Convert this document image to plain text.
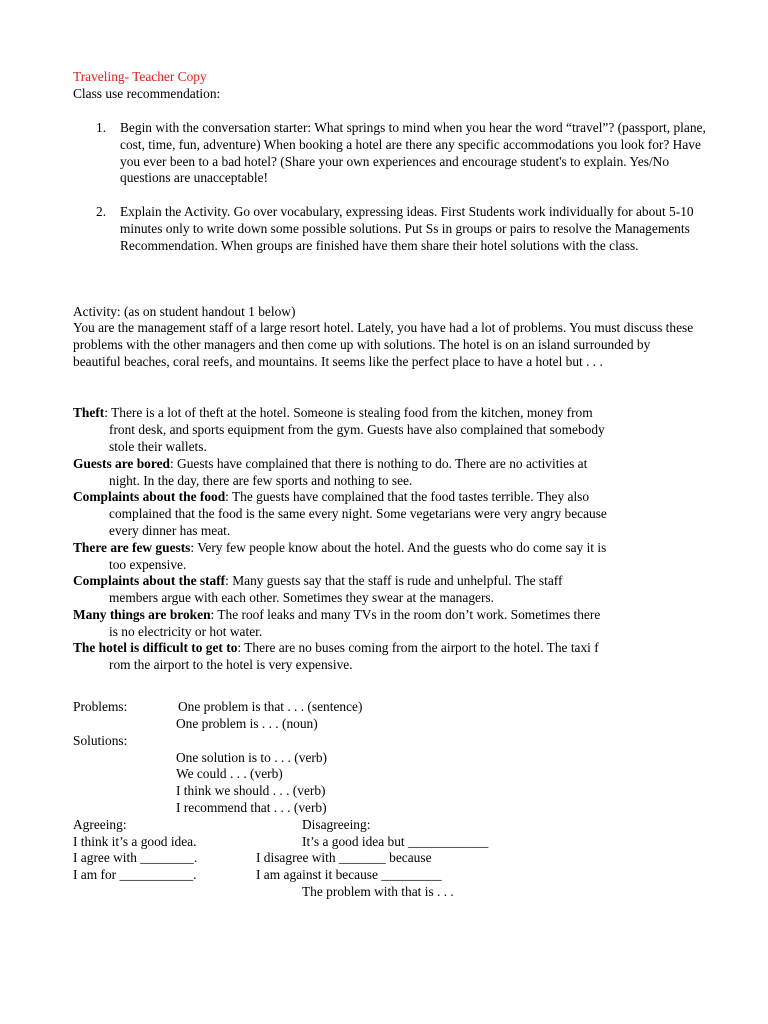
Traveling- Teacher Copy
Class use recommendation:
1. Begin with the conversation starter: What springs to mind when you hear the word “travel”? (passport, plane, cost, time, fun, adventure) When booking a hotel are there any specific accommodations you look for? Have you ever been to a bad hotel? (Share your own experiences and encourage student's to explain. Yes/No questions are unacceptable!
2. Explain the Activity. Go over vocabulary, expressing ideas. First Students work individually for about 5-10 minutes only to write down some possible solutions. Put Ss in groups or pairs to resolve the Managements Recommendation. When groups are finished have them share their hotel solutions with the class.
Activity: (as on student handout 1 below)
You are the management staff of a large resort hotel. Lately, you have had a lot of problems. You must discuss these problems with the other managers and then come up with solutions. The hotel is on an island surrounded by beautiful beaches, coral reefs, and mountains. It seems like the perfect place to have a hotel but . . .
Theft: There is a lot of theft at the hotel. Someone is stealing food from the kitchen, money from
front desk, and sports equipment from the gym. Guests have also complained that somebody
stole their wallets.
Guests are bored: Guests have complained that there is nothing to do. There are no activities at
night. In the day, there are few sports and nothing to see.
Complaints about the food: The guests have complained that the food tastes terrible. They also
complained that the food is the same every night. Some vegetarians were very angry because
every dinner has meat.
There are few guests: Very few people know about the hotel. And the guests who do come say it is
too expensive.
Complaints about the staff: Many guests say that the staff is rude and unhelpful. The staff
members argue with each other. Sometimes they swear at the managers.
Many things are broken: The roof leaks and many TVs in the room don’t work. Sometimes there
is no electricity or hot water.
The hotel is difficult to get to: There are no buses coming from the airport to the hotel. The taxi f
rom the airport to the hotel is very expensive.
Problems:	One problem is that . . . (sentence)
One problem is . . . (noun)
Solutions:
One solution is to . . . (verb)
We could . . . (verb)
I think we should . . . (verb)
I recommend that . . . (verb)
Agreeing:	Disagreeing:
I think it’s a good idea.	It’s a good idea but ____________
I agree with ________.	I disagree with _______ because
I am for ___________.	I am against it because _________
The problem with that is . . .
